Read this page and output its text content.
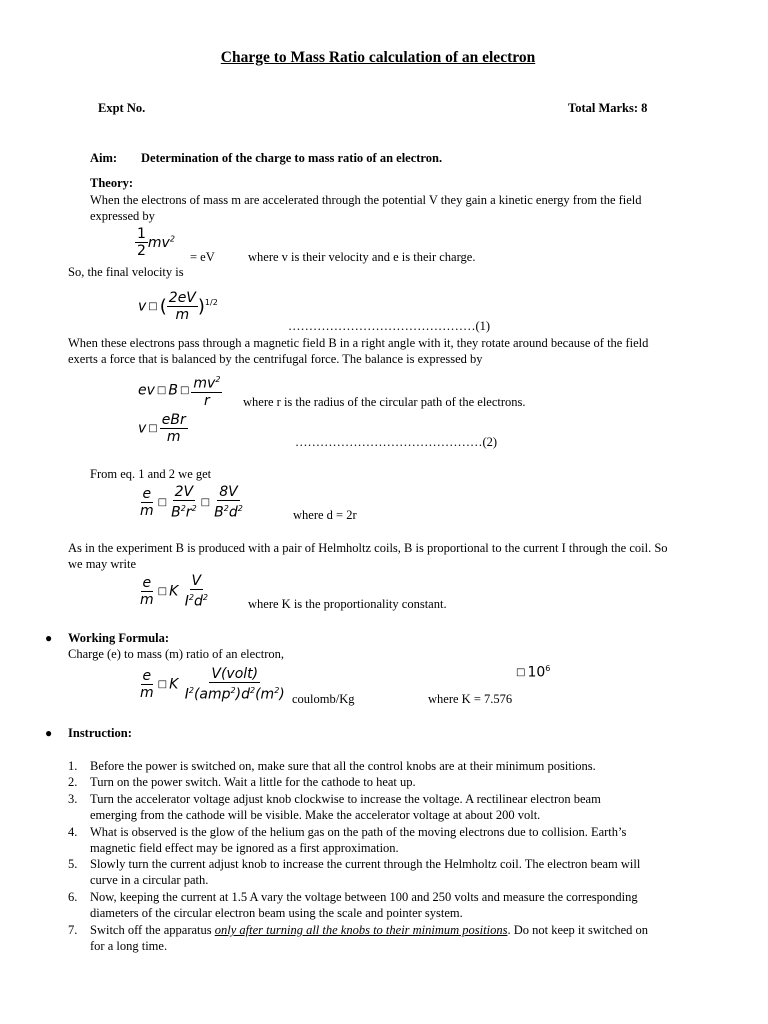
Charge to Mass Ratio calculation of an electron
Expt No.	Total Marks: 8
Aim: Determination of the charge to mass ratio of an electron.
Theory:
When the electrons of mass m are accelerated through the potential V they gain a kinetic energy from the field expressed by
$\frac{1}{2} mv^2$
= eV	where v is their velocity and e is their charge.
So, the final velocity is
v □ ( $\frac{2eV}{m} )^{1/2}$
………………………………………(1)
When these electrons pass through a magnetic field B in a right angle with it, they rotate around because of the field exerts a force that is balanced by the centrifugal force. The balance is expressed by
ev □ B □ $\frac{mv^2}{r}$ where r is the radius of the circular path of the electrons.
v □ $\frac{\text{eBr}}{m}$	………………………………………(2)
From eq. 1 and 2 we get
$\frac{e}{m}$ □ $\frac{2V}{B^2r^2}$ □ $\frac{8V}{B^2d^2}$	where d = 2r
As in the experiment B is produced with a pair of Helmholtz coils, B is proportional to the current I through the coil. So we may write
$\frac{e}{m}$ □ K $\frac{V}{I^2d^2}$	where K is the proportionality constant.
● Working Formula:
Charge (e) to mass (m) ratio of an electron,
$\frac{e}{m}$ □ K $\frac{\text{V(volt)}}{I^2(amp^2)d^2(m^2)}$ coulomb/Kg	where K = 7.576
□ $10^6$
● Instruction:
1. Before the power is switched on, make sure that all the control knobs are at their minimum positions.
2. Turn on the power switch. Wait a little for the cathode to heat up.
3. Turn the accelerator voltage adjust knob clockwise to increase the voltage. A rectilinear electron beam emerging from the cathode will be visible. Make the accelerator voltage at about 200 volt.
4. What is observed is the glow of the helium gas on the path of the moving electrons due to collision. Earth’s magnetic field effect may be ignored as a first approximation.
5. Slowly turn the current adjust knob to increase the current through the Helmholtz coil. The electron beam will curve in a circular path.
6. Now, keeping the current at 1.5 A vary the voltage between 100 and 250 volts and measure the corresponding diameters of the circular electron beam using the scale and pointer system.
7. Switch off the apparatus only after turning all the knobs to their minimum positions. Do not keep it switched on for a long time.
